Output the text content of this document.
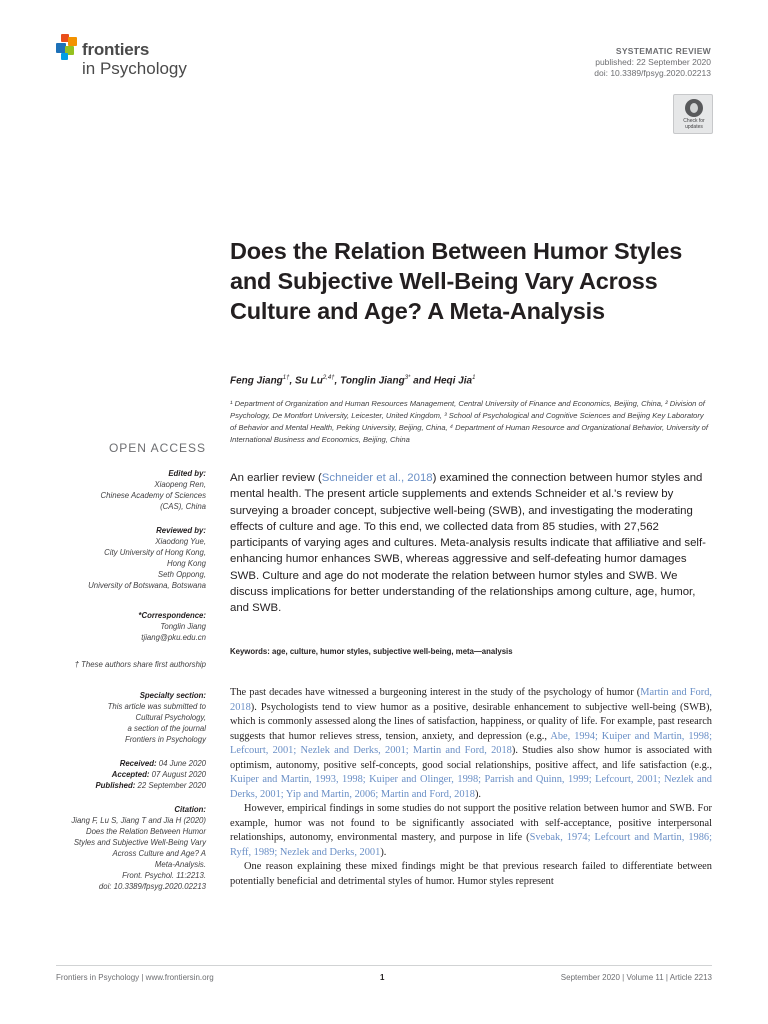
frontiers
in Psychology
SYSTEMATIC REVIEW
published: 22 September 2020
doi: 10.3389/fpsyg.2020.02213
Check for updates
Does the Relation Between Humor Styles and Subjective Well-Being Vary Across Culture and Age? A Meta-Analysis
Feng Jiang$^{1\dagger}$, Su $Lu^{2,4\dagger}$, Tonglin Jiang$^{3*}$ and Heqi Jia$^1$
¹ Department of Organization and Human Resources Management, Central University of Finance and Economics, Beijing, China, ² Division of Psychology, De Montfort University, Leicester, United Kingdom, ³ School of Psychological and Cognitive Sciences and Beijing Key Laboratory of Behavior and Mental Health, Peking University, Beijing, China, ⁴ Department of Human Resource and Organizational Behavior, University of International Business and Economics, Beijing, China
OPEN ACCESS
Edited by:
Xiaopeng Ren,
Chinese Academy of Sciences
(CAS), China
Reviewed by:
Xiaodong Yue,
City University of Hong Kong,
Hong Kong
Seth Oppong,
University of Botswana, Botswana
*Correspondence:
Tonglin Jiang
tjiang@pku.edu.cn
† These authors share first authorship
Specialty section:
This article was submitted to
Cultural Psychology,
a section of the journal
Frontiers in Psychology
Received: 04 June 2020
Accepted: 07 August 2020
Published: 22 September 2020
Citation:
Jiang F, Lu S, Jiang T and Jia H (2020)
Does the Relation Between Humor
Styles and Subjective Well-Being Vary
Across Culture and Age? A
Meta-Analysis.
Front. Psychol. 11:2213.
doi: 10.3389/fpsyg.2020.02213
An earlier review (Schneider et al., 2018) examined the connection between humor styles and mental health. The present article supplements and extends Schneider et al.'s review by surveying a broader concept, subjective well-being (SWB), and investigating the moderating effects of culture and age. To this end, we collected data from 85 studies, with 27,562 participants of varying ages and cultures. Meta-analysis results indicate that affiliative and self-enhancing humor enhances SWB, whereas aggressive and self-defeating humor damages SWB. Culture and age do not moderate the relation between humor styles and SWB. We discuss implications for better understanding of the relationships among culture, age, humor, and SWB.
Keywords: age, culture, humor styles, subjective well-being, meta—analysis

The past decades have witnessed a burgeoning interest in the study of the psychology of humor (Martin and Ford, 2018). Psychologists tend to view humor as a positive, desirable enhancement to subjective well-being (SWB), which is commonly assessed along the lines of satisfaction, happiness, or quality of life. For example, past research suggests that humor relieves stress, tension, anxiety, and depression (e.g., Abe, 1994; Kuiper and Martin, 1998; Lefcourt, 2001; Nezlek and Derks, 2001; Martin and Ford, 2018). Studies also show humor is associated with optimism, autonomy, positive self-concepts, good social relationships, positive affect, and life satisfaction (e.g., Kuiper and Martin, 1993, 1998; Kuiper and Olinger, 1998; Parrish and Quinn, 1999; Lefcourt, 2001; Nezlek and Derks, 2001; Yip and Martin, 2006; Martin and Ford, 2018).

However, empirical findings in some studies do not support the positive relation between humor and SWB. For example, humor was not found to be significantly associated with self-acceptance, positive interpersonal relationships, autonomy, environmental mastery, and purpose in life (Svebak, 1974; Lefcourt and Martin, 1986; Ryff, 1989; Nezlek and Derks, 2001).

One reason explaining these mixed findings might be that previous research failed to differentiate between potentially beneficial and detrimental styles of humor. Humor styles represent

Frontiers in Psychology | www.frontiersin.org	1	September 2020 | Volume 11 | Article 2213
